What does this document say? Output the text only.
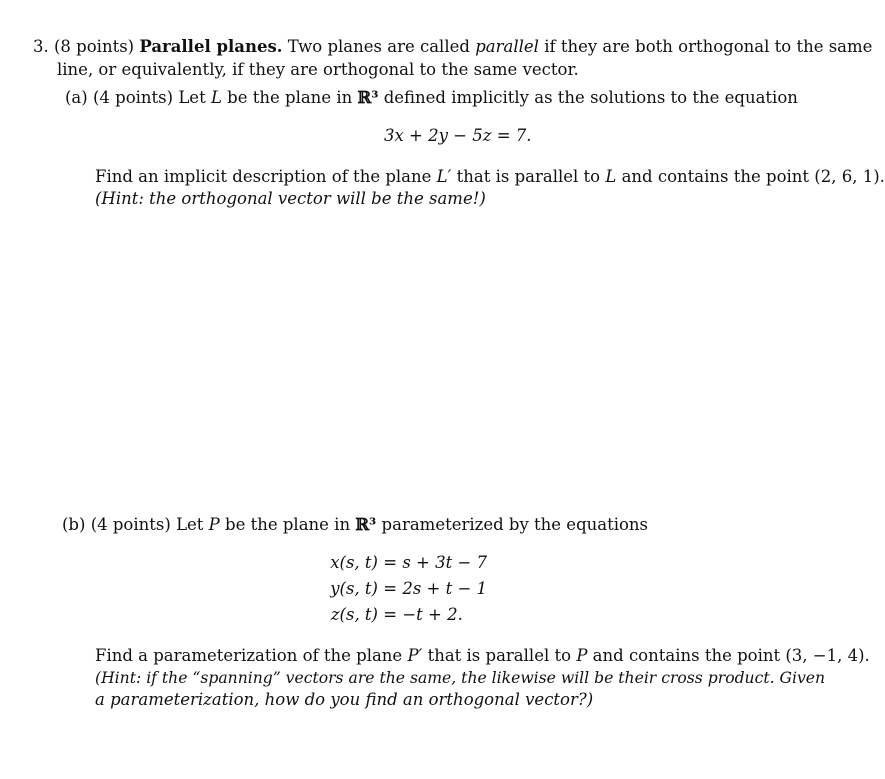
3. (8 points) Parallel planes. Two planes are called parallel if they are both orthogonal to the same
line, or equivalently, if they are orthogonal to the same vector.
(a) (4 points) Let L be the plane in ℝ³ defined implicitly as the solutions to the equation
3x + 2y − 5z = 7.
Find an implicit description of the plane L′ that is parallel to L and contains the point (2, 6, 1).
(Hint: the orthogonal vector will be the same!)
(b) (4 points) Let P be the plane in ℝ³ parameterized by the equations
x(s, t) = s + 3t − 7
y(s, t) = 2s + t − 1
z(s, t) = −t + 2.
Find a parameterization of the plane P′ that is parallel to P and contains the point (3, −1, 4).
(Hint: if the “spanning” vectors are the same, the likewise will be their cross product. Given
a parameterization, how do you find an orthogonal vector?)
